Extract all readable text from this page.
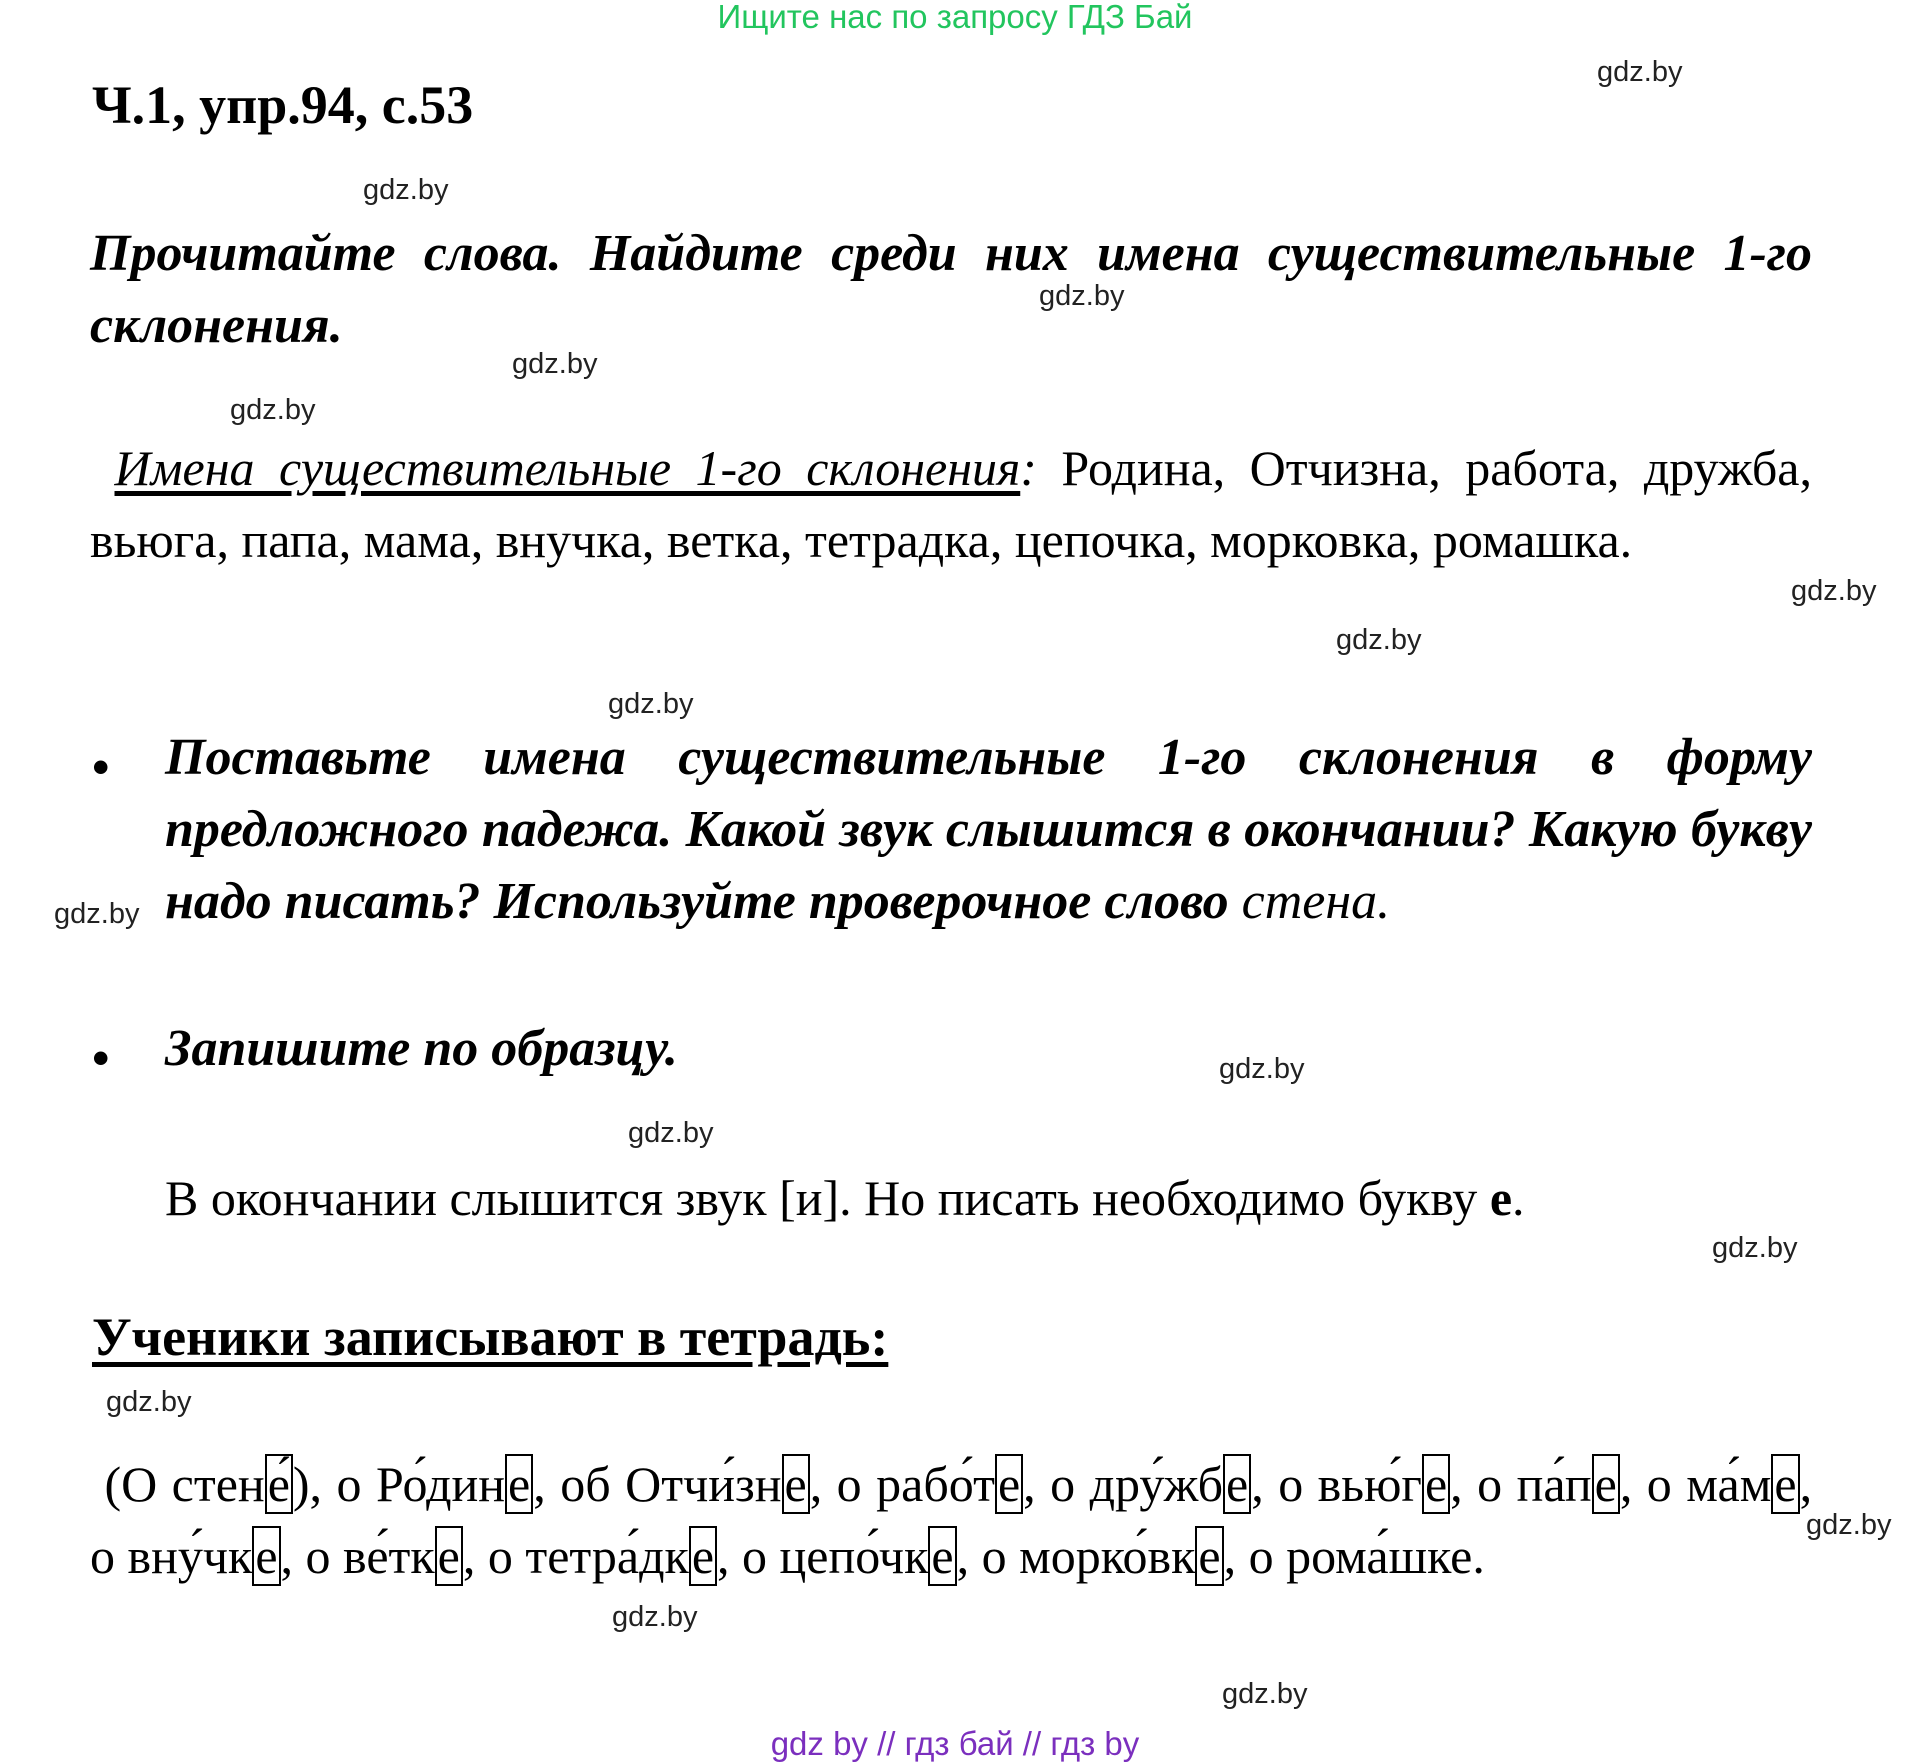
Ищите нас по запросу ГДЗ Бай
Ч.1, упр.94, с.53
Прочитайте слова. Найдите среди них имена существительные 1-го склонения.
Имена существительные 1-го склонения: Родина, Отчизна, работа, дружба, вьюга, папа, мама, внучка, ветка, тетрадка, цепочка, морковка, ромашка.
• Поставьте имена существительные 1-го склонения в форму предложного падежа. Какой звук слышится в окончании? Какую букву надо писать? Используйте проверочное слово стена.
• Запишите по образцу.
В окончании слышится звук [и]. Но писать необходимо букву е.
Ученики записывают в тетрадь:
(О стене́), о Ро́дине, об Отчи́зне, о рабо́те, о дру́жбе, о вью́ге, о па́пе, о ма́ме, о вну́чке, о ве́тке, о тетра́дке, о цепо́чке, о морко́вке, о рома́шке.
gdz.by
gdz.by
gdz.by
gdz.by
gdz.by
gdz.by
gdz.by
gdz.by
gdz.by
gdz.by
gdz.by
gdz.by
gdz.by
gdz.by
gdz.by
gdz.by
gdz by // гдз бай // гдз by
